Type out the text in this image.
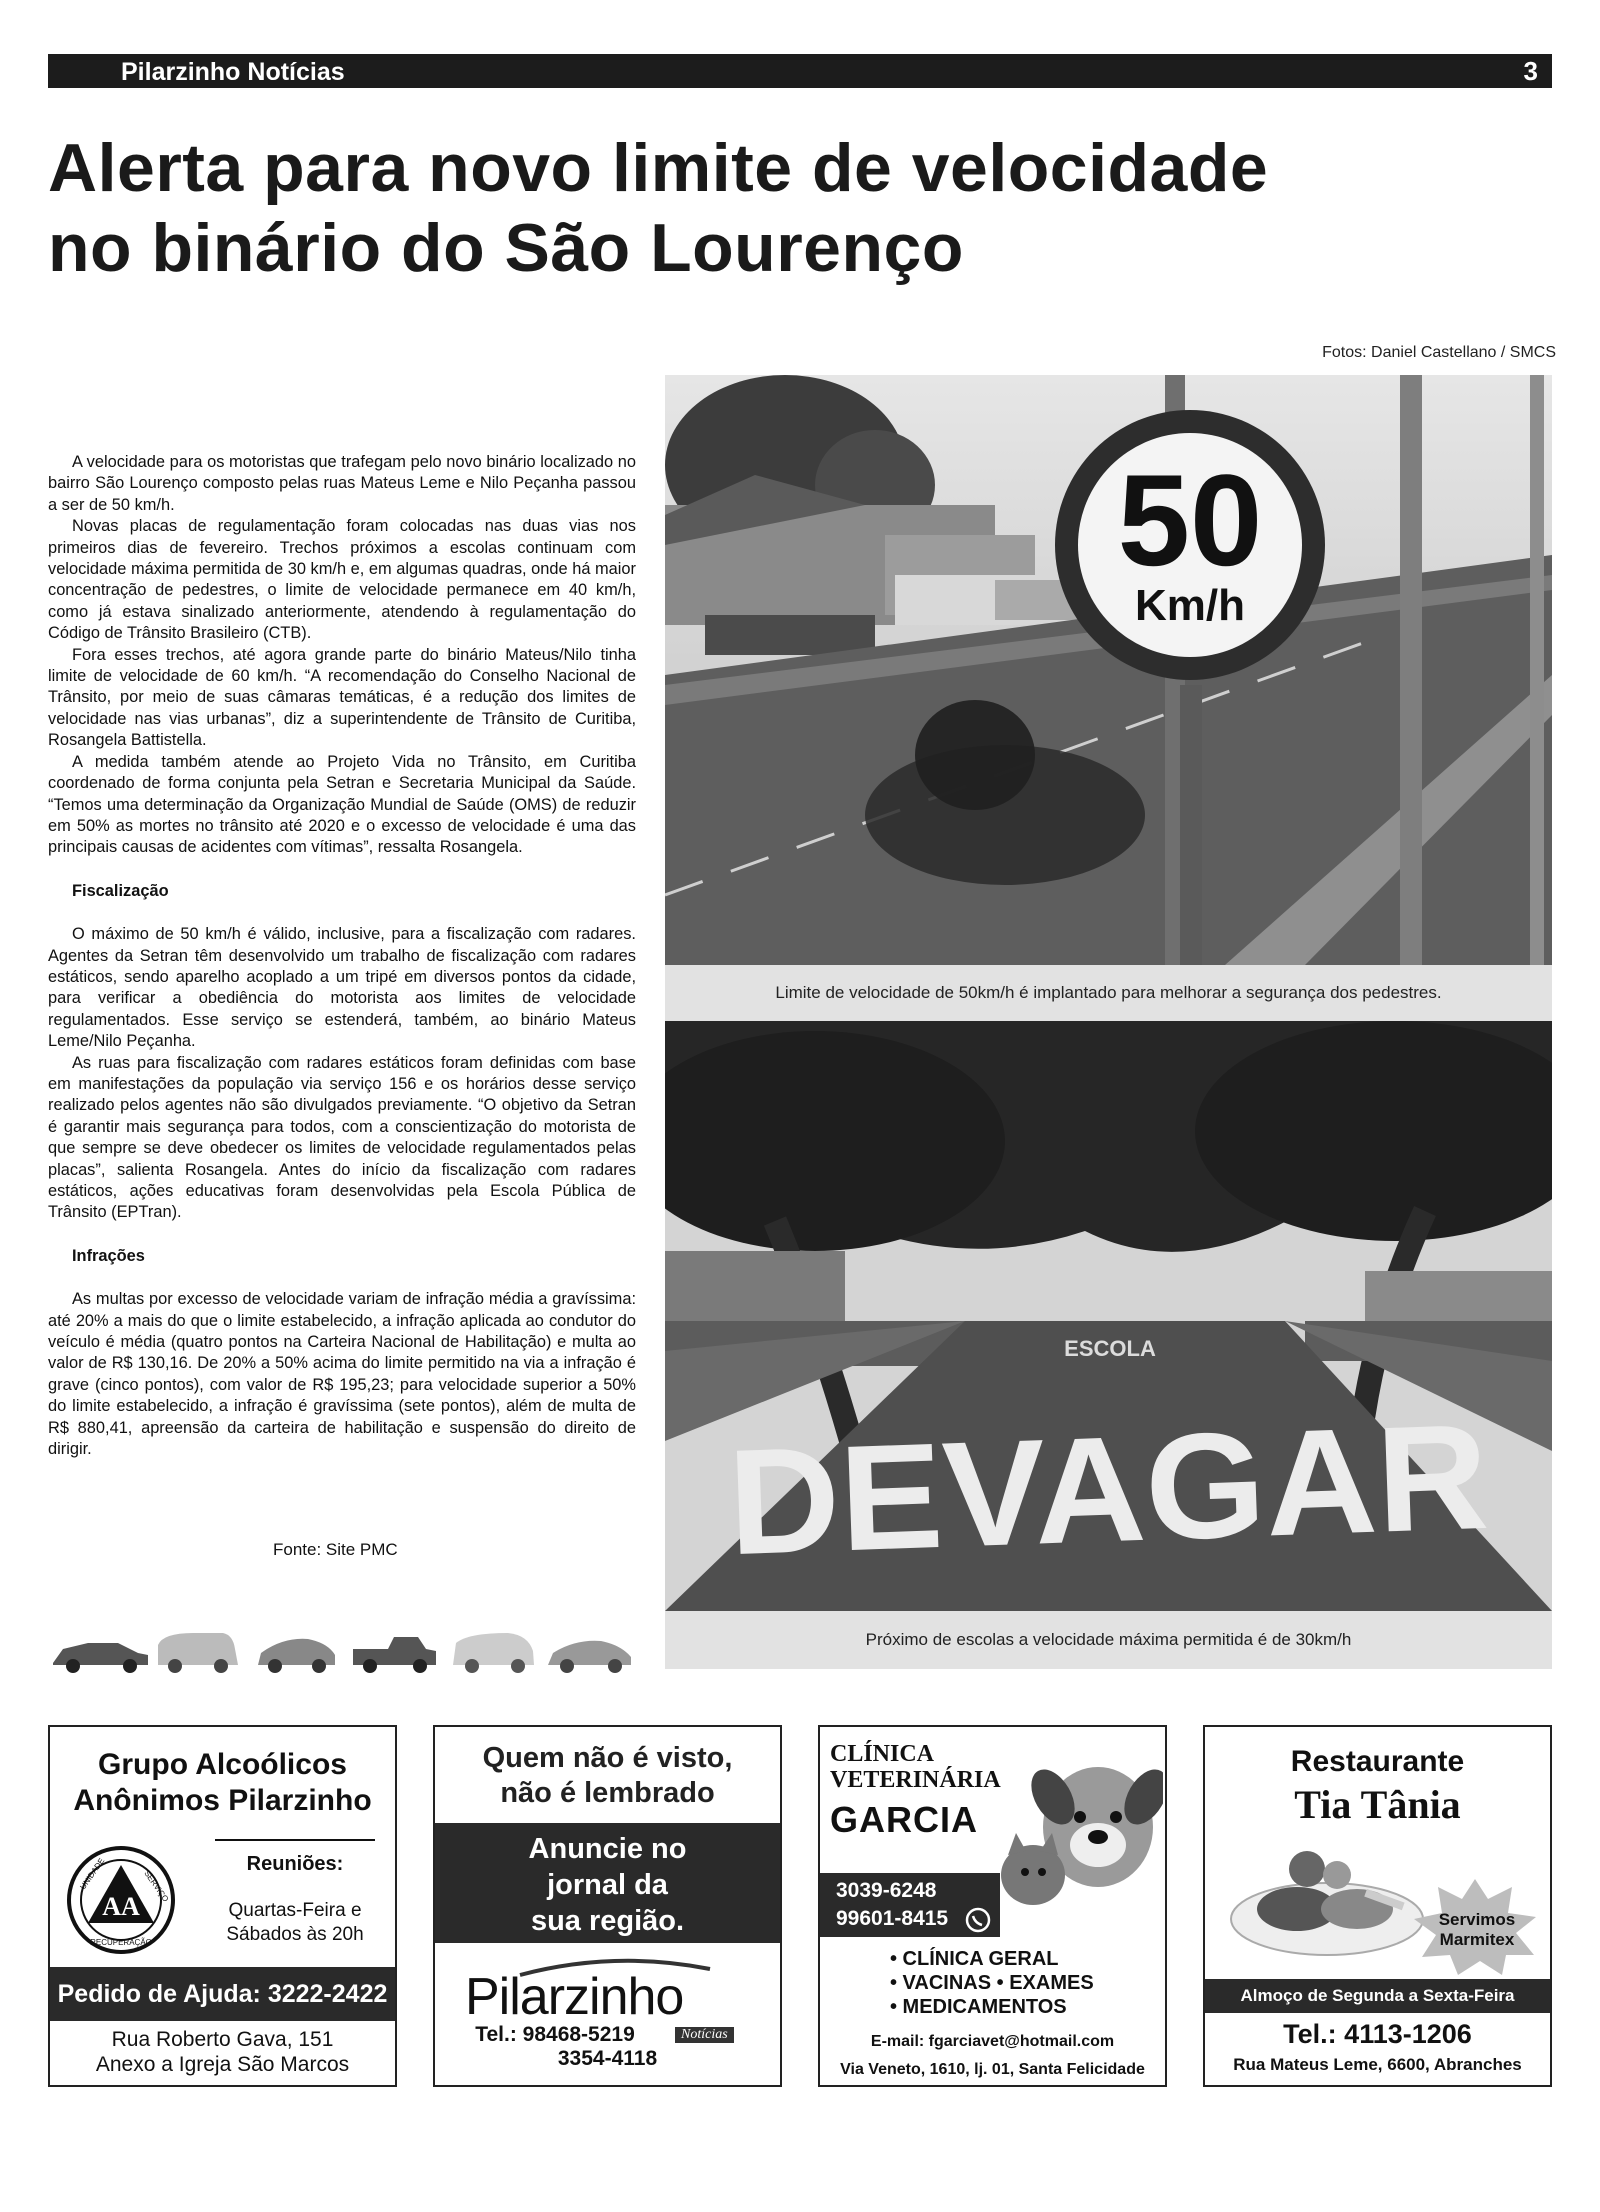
Pilarzinho Notícias	3
Alerta para novo limite de velocidade
no binário do São Lourenço
Fotos: Daniel Castellano / SMCS

A velocidade para os motoristas que trafegam pelo novo binário localizado no bairro São Lourenço composto pelas ruas Mateus Leme e Nilo Peçanha passou a ser de 50 km/h.

Novas placas de regulamentação foram colocadas nas duas vias nos primeiros dias de fevereiro. Trechos próximos a escolas continuam com velocidade máxima permitida de 30 km/h e, em algumas quadras, onde há maior concentração de pedestres, o limite de velocidade permanece em 40 km/h, como já estava sinalizado anteriormente, atendendo à regulamentação do Código de Trânsito Brasileiro (CTB).

Fora esses trechos, até agora grande parte do binário Mateus/Nilo tinha limite de velocidade de 60 km/h. “A recomendação do Conselho Nacional de Trânsito, por meio de suas câmaras temáticas, é a redução dos limites de velocidade nas vias urbanas”, diz a superintendente de Trânsito de Curitiba, Rosangela Battistella.

A medida também atende ao Projeto Vida no Trânsito, em Curitiba coordenado de forma conjunta pela Setran e Secretaria Municipal da Saúde. “Temos uma determinação da Organização Mundial de Saúde (OMS) de reduzir em 50% as mortes no trânsito até 2020 e o excesso de velocidade é uma das principais causas de acidentes com vítimas”, ressalta Rosangela.

Fiscalização

O máximo de 50 km/h é válido, inclusive, para a fiscalização com radares. Agentes da Setran têm desenvolvido um trabalho de fiscalização com radares estáticos, sendo aparelho acoplado a um tripé em diversos pontos da cidade, para verificar a obediência do motorista aos limites de velocidade regulamentados. Esse serviço se estenderá, também, ao binário Mateus Leme/Nilo Peçanha.

As ruas para fiscalização com radares estáticos foram definidas com base em manifestações da população via serviço 156 e os horários desse serviço realizado pelos agentes não são divulgados previamente. “O objetivo da Setran é garantir mais segurança para todos, com a conscientização do motorista de que sempre se deve obedecer os limites de velocidade regulamentados pelas placas”, salienta Rosangela. Antes do início da fiscalização com radares estáticos, ações educativas foram desenvolvidas pela Escola Pública de Trânsito (EPTran).

Infrações

As multas por excesso de velocidade variam de infração média a gravíssima: até 20% a mais do que o limite estabelecido, a infração aplicada ao condutor do veículo é média (quatro pontos na Carteira Nacional de Habilitação) e multa ao valor de R$ 130,16. De 20% a 50% acima do limite permitido na via a infração é grave (cinco pontos), com valor de R$ 195,23; para velocidade superior a 50% do limite estabelecido, a infração é gravíssima (sete pontos), além de multa de R$ 880,41, apreensão da carteira de habilitação e suspensão do direito de dirigir.

Fonte: Site PMC
50
Km/h
Limite de velocidade de 50km/h é implantado para melhorar a segurança dos pedestres.
ESCOLA
DEVAGAR
Próximo de escolas a velocidade máxima permitida é de 30km/h
Grupo Alcoólicos
Anônimos Pilarzinho
AA
UNIDADE	SERVIÇO
RECUPERAÇÃO
Reuniões:
Quartas-Feira e
Sábados às 20h
Pedido de Ajuda: 3222-2422
Rua Roberto Gava, 151
Anexo a Igreja São Marcos
Quem não é visto,
não é lembrado
Anuncie no
jornal da
sua região.
Pilarzinho
Notícias
Tel.: 98468-5219
3354-4118
CLÍNICA
VETERINÁRIA
GARCIA
3039-6248
99601-8415
• CLÍNICA GERAL
• VACINAS • EXAMES
• MEDICAMENTOS
E-mail: fgarciavet@hotmail.com
Via Veneto, 1610, lj. 01, Santa Felicidade
Restaurante
Tia Tânia
Servimos
Marmitex
Almoço de Segunda a Sexta-Feira
Tel.: 4113-1206
Rua Mateus Leme, 6600, Abranches
